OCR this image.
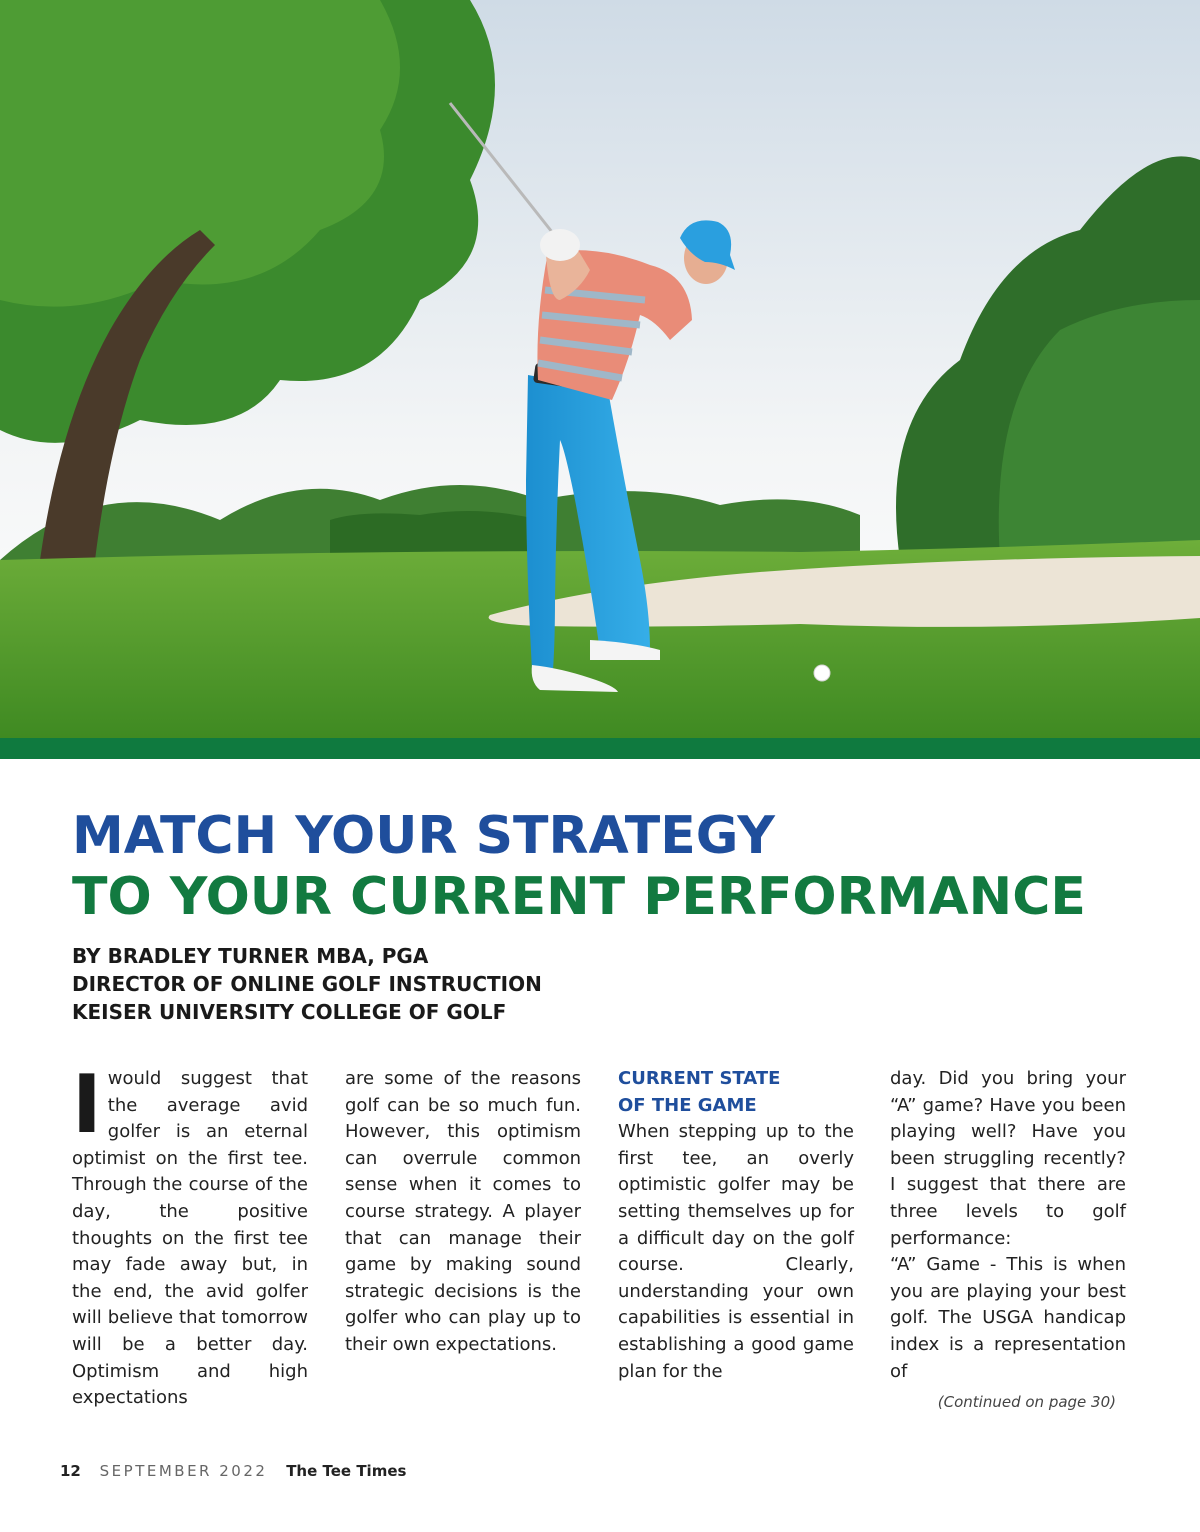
MATCH YOUR STRATEGY
TO YOUR CURRENT PERFORMANCE
BY BRADLEY TURNER MBA, PGA
DIRECTOR OF ONLINE GOLF INSTRUCTION
KEISER UNIVERSITY COLLEGE OF GOLF
I would suggest that the average avid golfer is an eternal optimist on the first tee. Through the course of the day, the positive thoughts on the first tee may fade away but, in the end, the avid golfer will believe that tomorrow will be a better day. Optimism and high expectations

are some of the reasons golf can be so much fun. However, this optimism can overrule common sense when it comes to course strategy. A player that can manage their game by making sound strategic decisions is the golfer who can play up to their own expectations.

CURRENT STATE
OF THE GAME

When stepping up to the first tee, an overly optimistic golfer may be setting themselves up for a difficult day on the golf course. Clearly, understanding your own capabilities is essential in establishing a good game plan for the

day. Did you bring your “A” game? Have you been playing well? Have you been struggling recently? I suggest that there are three levels to golf performance:

“A” Game - This is when you are playing your best golf. The USGA handicap index is a representation of

(Continued on page 30)
12 SEPTEMBER 2022 The Tee Times
